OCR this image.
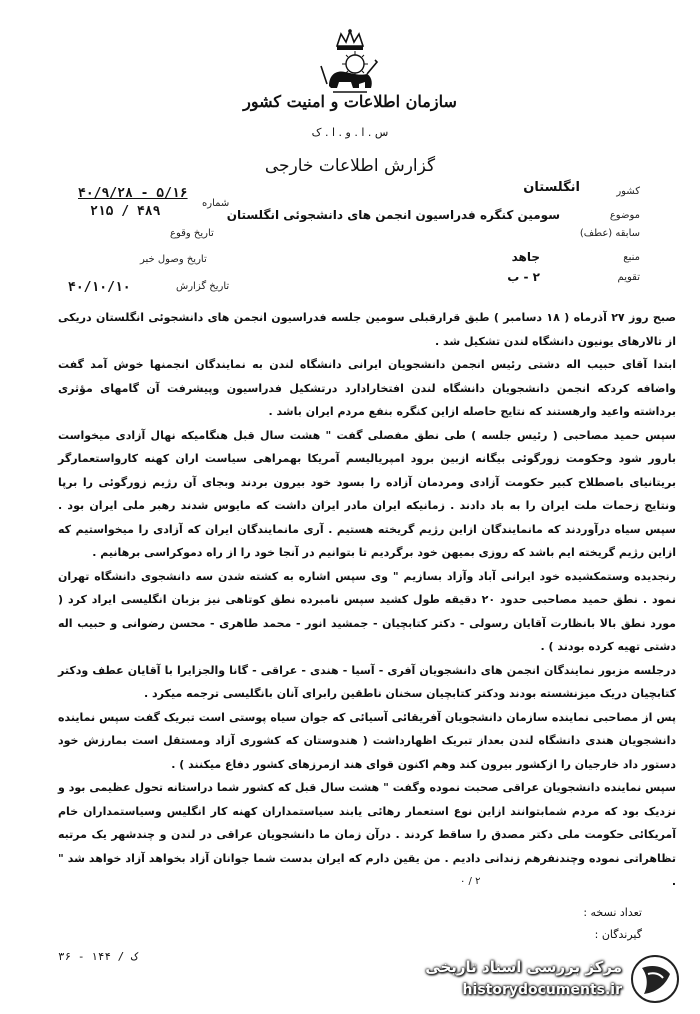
سازمان اطلاعات و امنیت کشور
س . ا . و . ا . ک
گزارش اطلاعات خارجی
کشور
انگلستان
موضوع
سومین کنگره فدراسیون انجمن های دانشجوئی انگلستان
سابقه (عطف)
منبع
جاهد
تقویم
۲ - ب
شماره
۴۰/۹/۲۸ - ۵/۱۶
۲۱۵ / ۴۸۹
تاریخ وقوع
تاریخ وصول خبر
تاریخ گزارش
۴۰/۱۰/۱۰

صبح روز ۲۷ آذرماه ( ۱۸ دسامبر ) طبق قرارقبلی سومین جلسه فدراسیون انجمن های دانشجوئی انگلستان دریکی از تالارهای یونیون دانشگاه لندن تشکیل شد .

ابتدا آقای حبیب اله دشتی رئیس انجمن دانشجویان ایرانی دانشگاه لندن به نمایندگان انجمنها خوش آمد گفت واضافه کردکه انجمن دانشجویان دانشگاه لندن افتخارادارد درتشکیل فدراسیون وپیشرفت آن گامهای مؤثری برداشته واعید وارهستند که نتایج حاصله ازاین کنگره بنفع مردم ایران باشد .

سپس حمید مصاحبی ( رئیس جلسه ) طی نطق مفصلی گفت " هشت سال قبل هنگامیکه نهال آزادی میخواست بارور شود وحکومت زورگوئی بیگانه ازبین برود امپریالیسم آمریکا بهمراهی سیاست اران کهنه کارواستعمارگر بریتانیای باصطلاح کبیر حکومت آزادی ومردمان آزاده را بسود خود بیرون بردند وبجای آن رژیم زورگوئی را برپا ونتایج زحمات ملت ایران را به باد دادند . زمانیکه ایران مادر ایران داشت که مایوس شدند رهبر ملی ایران بود . سپس سیاه درآوردند که مانمایندگان ازاین رژیم گریخته هستیم . آری مانمایندگان ایران که آزادی را میخواستیم که ازاین رژیم گریخته ایم باشد که روزی بمیهن خود برگردیم تا بتوانیم در آنجا خود را از راه دموکراسی برهانیم .

رنجدیده وستمکشیده خود ایرانی آباد وآزاد بسازیم " وی سپس اشاره به کشته شدن سه دانشجوی دانشگاه تهران نمود . نطق حمید مصاحبی حدود ۲۰ دقیقه طول کشید سپس نامبرده نطق کوتاهی نیز بزبان انگلیسی ایراد کرد ( مورد نطق بالا بانظارت آقایان رسولی - دکتر کتابچیان - جمشید انور - محمد طاهری - محسن رضوانی و حبیب اله دشتی تهیه کرده بودند ) .

درجلسه مزبور نمایندگان انجمن های دانشجویان آفری - آسیا - هندی - عراقی - گانا والجزایرا با آقایان عطف ودکتر کتابچیان دریک میزنشسته بودند ودکتر کتابچیان سخنان ناطقین رابرای آنان بانگلیسی ترجمه میکرد .

پس از مصاحبی نماینده سازمان دانشجویان آفریقائی آسیائی که جوان سیاه پوستی است تبریک گفت سپس نماینده دانشجویان هندی دانشگاه لندن بعداز تبریک اظهارداشت ( هندوستان که کشوری آزاد ومستقل است بمارزش خود دستور داد خارجیان را ازکشور بیرون کند وهم اکنون قوای هند ازمرزهای کشور دفاع میکنند ) .

سپس نماینده دانشجویان عراقی صحبت نموده وگفت " هشت سال قبل که کشور شما دراستانه تحول عظیمی بود و نزدیک بود که مردم شمابتوانند ازاین نوع استعمار رهائی یابند سیاستمداران کهنه کار انگلیس وسیاستمداران خام آمریکائی حکومت ملی دکتر مصدق را ساقط کردند . درآن زمان ما دانشجویان عراقی در لندن و چندشهر یک مرتبه تظاهراتی نموده وچندنفرهم زندانی دادیم . من یقین دارم که ایران بدست شما جوانان آزاد بخواهد آزاد خواهد شد " .

۰ / ۲
تعداد نسخه :
گیرندگان :
۳۶ - ۱۴۴ / ک
مرکز بررسی اسناد تاریخی
historydocuments.ir
